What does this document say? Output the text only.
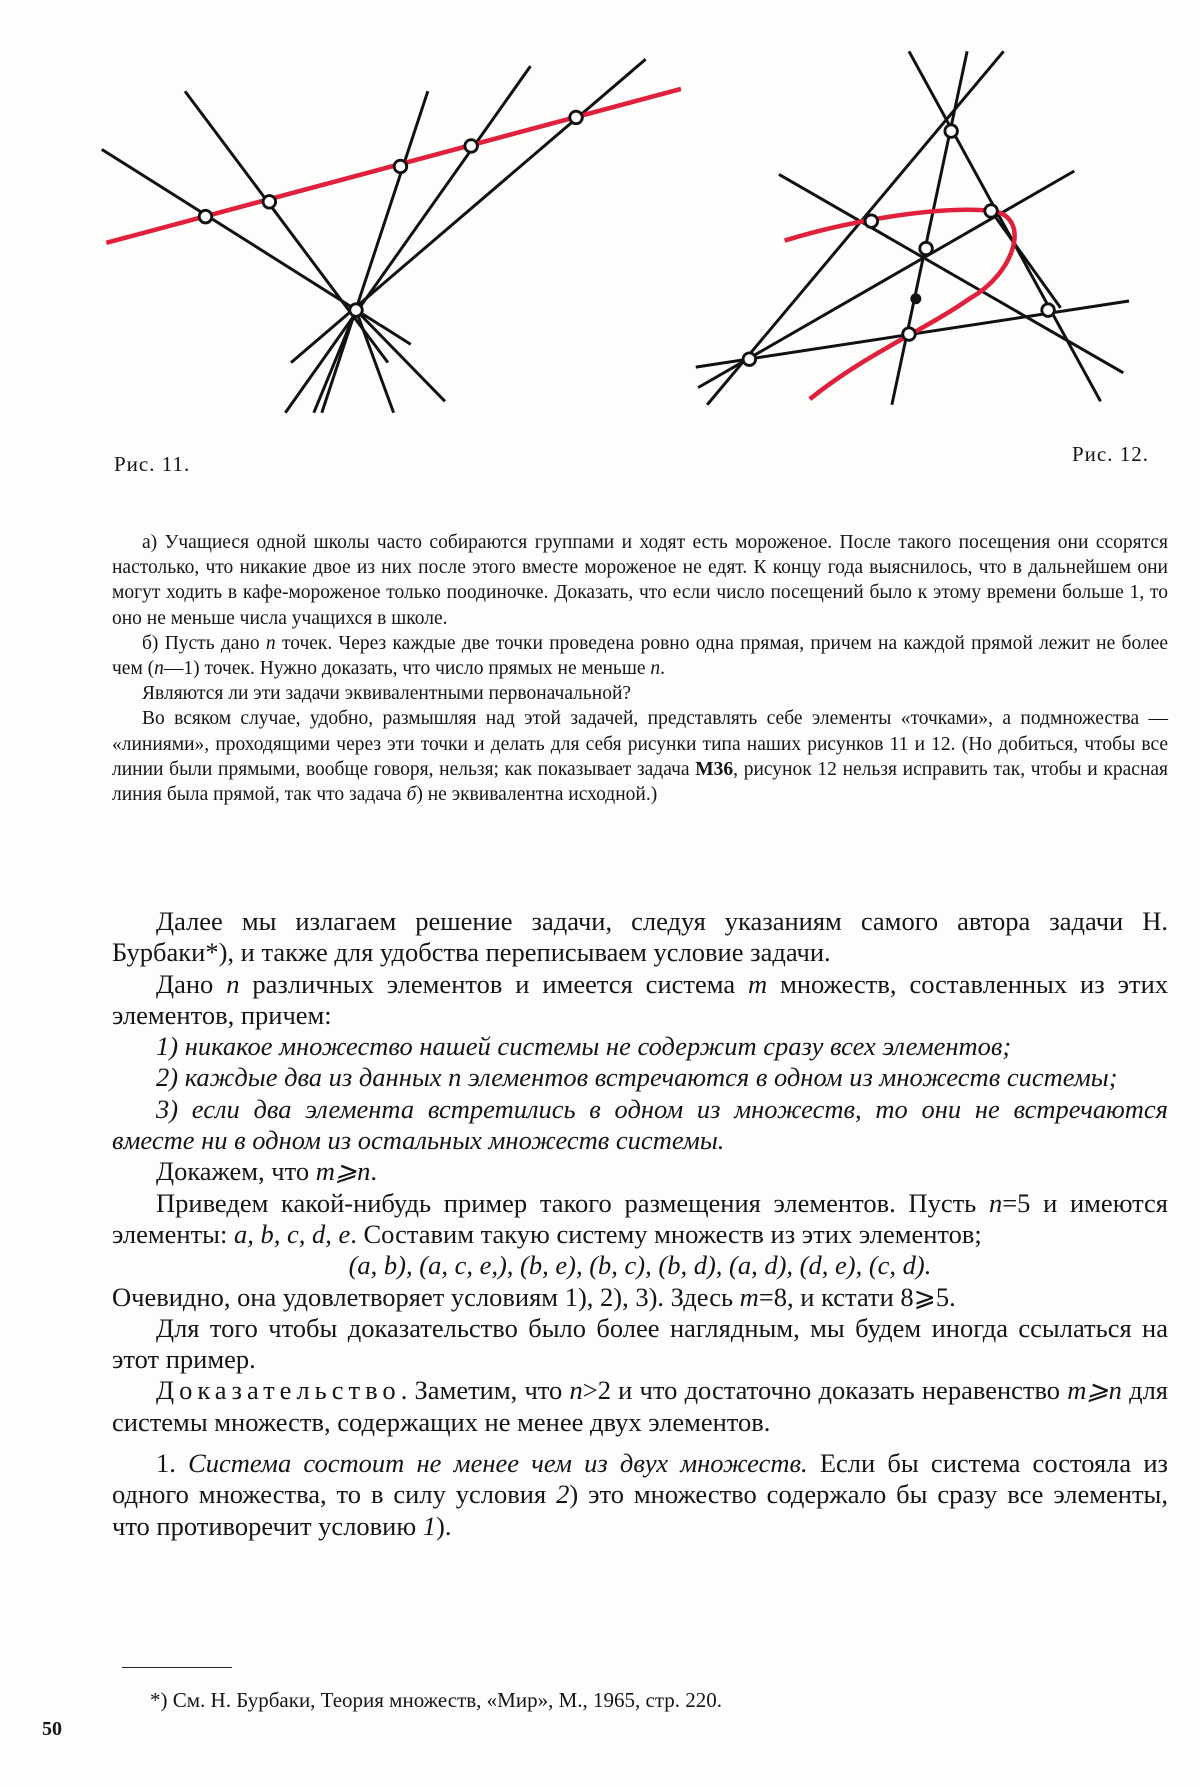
Рис. 11.	Рис. 12.

а) Учащиеся одной школы часто собираются группами и ходят есть мороженое. После такого посещения они ссорятся настолько, что никакие двое из них после этого вместе мороженое не едят. К концу года выяснилось, что в дальнейшем они могут ходить в кафе-мороженое только поодиночке. Доказать, что если число посещений было к этому времени больше 1, то оно не меньше числа учащихся в школе.

б) Пусть дано n точек. Через каждые две точки проведена ровно одна прямая, причем на каждой прямой лежит не более чем (n—1) точек. Нужно доказать, что число прямых не меньше n.

Являются ли эти задачи эквивалентными первоначальной?

Во всяком случае, удобно, размышляя над этой задачей, представлять себе элементы «точками», а подмножества — «линиями», проходящими через эти точки и делать для себя рисунки типа наших рисунков 11 и 12. (Но добиться, чтобы все линии были прямыми, вообще говоря, нельзя; как показывает задача М36, рисунок 12 нельзя исправить так, чтобы и красная линия была прямой, так что задача б) не эквивалентна исходной.)

Далее мы излагаем решение задачи, следуя указаниям самого автора задачи Н. Бурбаки*), и также для удобства переписываем условие задачи.

Дано n различных элементов и имеется система m множеств, составленных из этих элементов, причем:

1) никакое множество нашей системы не содержит сразу всех элементов;

2) каждые два из данных n элементов встречаются в одном из множеств системы;

3) если два элемента встретились в одном из множеств, то они не встречаются вместе ни в одном из остальных множеств системы.

Докажем, что m⩾n.

Приведем какой-нибудь пример такого размещения элементов. Пусть n=5 и имеются элементы: a, b, c, d, e. Составим такую систему множеств из этих элементов;

(a, b), (a, c, e,), (b, e), (b, c), (b, d), (a, d), (d, e), (c, d).

Очевидно, она удовлетворяет условиям 1), 2), 3). Здесь m=8, и кстати 8⩾5.

Для того чтобы доказательство было более наглядным, мы будем иногда ссылаться на этот пример.

Доказательство. Заметим, что n>2 и что достаточно доказать неравенство m⩾n для системы множеств, содержащих не менее двух элементов.

1. Система состоит не менее чем из двух множеств. Если бы система состояла из одного множества, то в силу условия 2) это множество содержало бы сразу все элементы, что противоречит условию 1).

*) См. Н. Бурбаки, Теория множеств, «Мир», М., 1965, стр. 220.
50
